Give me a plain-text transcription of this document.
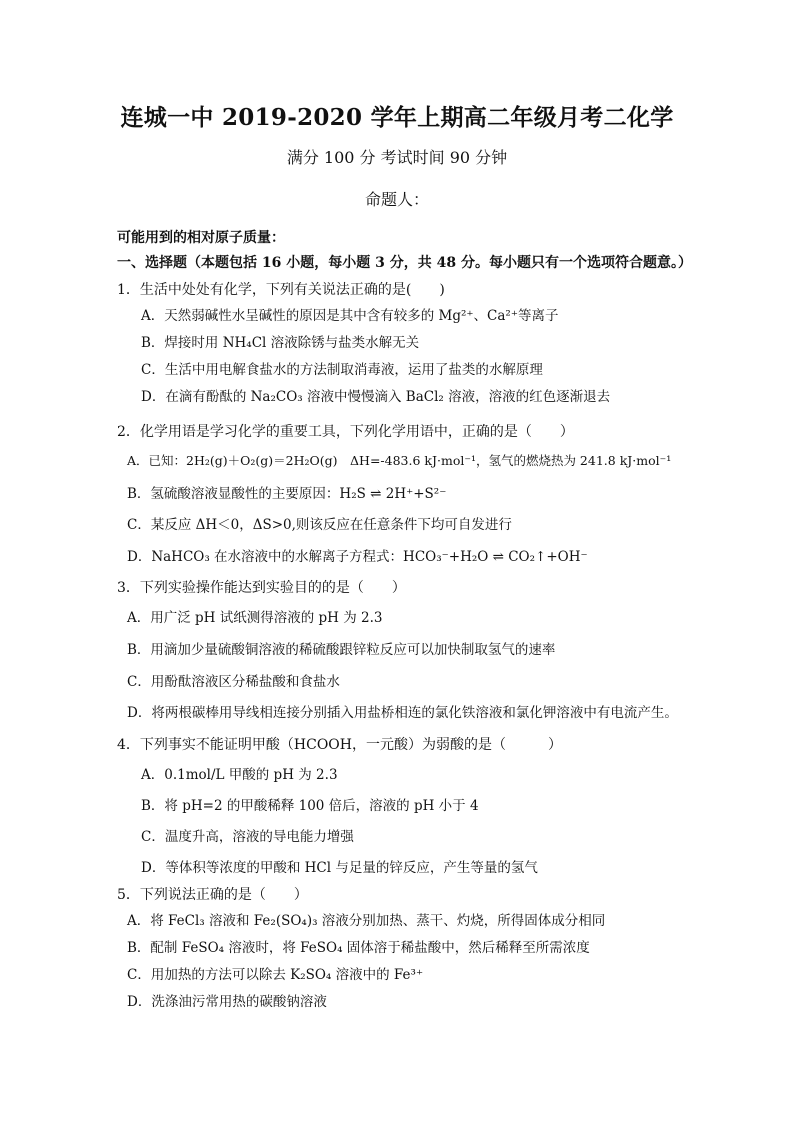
连城一中 2019-2020 学年上期高二年级月考二化学
满分 100 分 考试时间 90 分钟
命题人：
可能用到的相对原子质量：
一、选择题（本题包括 16 小题，每小题 3 分，共 48 分。每小题只有一个选项符合题意。）
1．生活中处处有化学，下列有关说法正确的是(　　)
A．天然弱碱性水呈碱性的原因是其中含有较多的 Mg²⁺、Ca²⁺等离子
B．焊接时用 NH₄Cl 溶液除锈与盐类水解无关
C．生活中用电解食盐水的方法制取消毒液，运用了盐类的水解原理
D．在滴有酚酞的 Na₂CO₃ 溶液中慢慢滴入 BaCl₂ 溶液，溶液的红色逐渐退去
2．化学用语是学习化学的重要工具，下列化学用语中，正确的是（　　）
A．已知：2H₂(g)＋O₂(g)＝2H₂O(g)　ΔH=-483.6 kJ·mol⁻¹，氢气的燃烧热为 241.8 kJ·mol⁻¹
B．氢硫酸溶液显酸性的主要原因：H₂S ⇌ 2H⁺+S²⁻
C．某反应 ΔH＜0，ΔS>0,则该反应在任意条件下均可自发进行
D．NaHCO₃ 在水溶液中的水解离子方程式：HCO₃⁻+H₂O ⇌ CO₂↑+OH⁻
3．下列实验操作能达到实验目的的是（　　）
A．用广泛 pH 试纸测得溶液的 pH 为 2.3
B．用滴加少量硫酸铜溶液的稀硫酸跟锌粒反应可以加快制取氢气的速率
C．用酚酞溶液区分稀盐酸和食盐水
D．将两根碳棒用导线相连接分别插入用盐桥相连的氯化铁溶液和氯化钾溶液中有电流产生。
4．下列事实不能证明甲酸（HCOOH，一元酸）为弱酸的是（　　　）
A．0.1mol/L 甲酸的 pH 为 2.3
B．将 pH=2 的甲酸稀释 100 倍后，溶液的 pH 小于 4
C．温度升高，溶液的导电能力增强
D．等体积等浓度的甲酸和 HCl 与足量的锌反应，产生等量的氢气
5．下列说法正确的是（　　）
A．将 FeCl₃ 溶液和 Fe₂(SO₄)₃ 溶液分别加热、蒸干、灼烧，所得固体成分相同
B．配制 FeSO₄ 溶液时，将 FeSO₄ 固体溶于稀盐酸中，然后稀释至所需浓度
C．用加热的方法可以除去 K₂SO₄ 溶液中的 Fe³⁺
D．洗涤油污常用热的碳酸钠溶液
